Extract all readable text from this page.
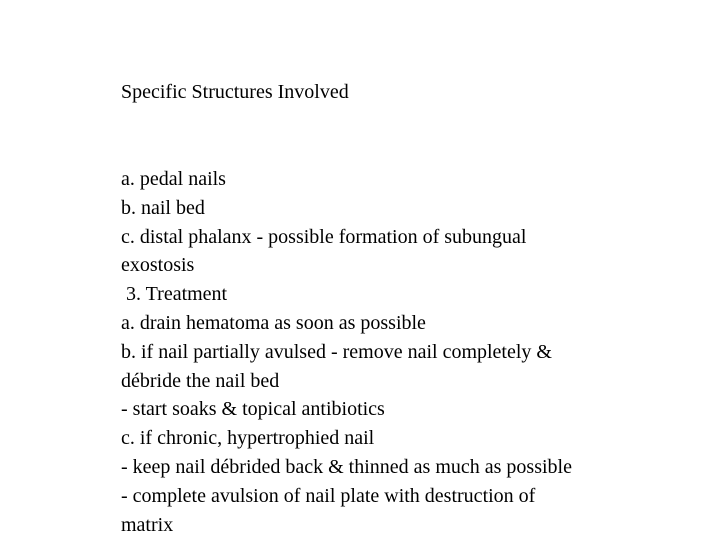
Specific Structures Involved
a. pedal nails
b. nail bed
c. distal phalanx - possible formation of subungual
exostosis
3. Treatment
a. drain hematoma as soon as possible
b. if nail partially avulsed - remove nail completely &
débride the nail bed
- start soaks & topical antibiotics
c. if chronic, hypertrophied nail
- keep nail débrided back & thinned as much as possible
- complete avulsion of nail plate with destruction of
matrix
